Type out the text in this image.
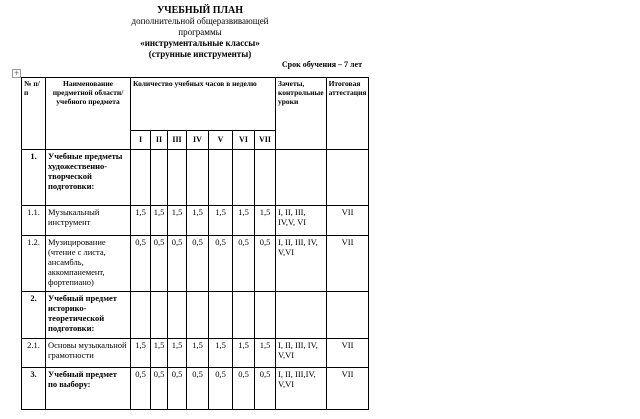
УЧЕБНЫЙ ПЛАН
дополнительной общеразвивающей
программы
«инструментальные классы»
(струнные инструменты)
Срок обучения – 7 лет
+
№ п/п	Наименование предметной области/учебного предмета	Количество учебных часов в неделю							Зачеты, контрольные уроки	Итоговая аттестация
		I	II	III	IV	V	VI	VII		
1.	Учебные предметы художественно-творческой подготовки:									
1.1.	Музыкальный инструмент	1,5	1,5	1,5	1,5	1,5	1,5	1,5	I, II, III, IV,V, VI	VII
1.2.	Музицирование (чтение с листа, ансамбль, аккомпанемент, фортепиано)	0,5	0,5	0,5	0,5	0,5	0,5	0,5	I, II, III, IV, V,VI	VII
2.	Учебный предмет историко-теоретической подготовки:									
2.1.	Основы музыкальной грамотности	1,5	1,5	1,5	1,5	1,5	1,5	1,5	I, II, III, IV, V,VI	VII
3.	Учебный предмет по выбору:	0,5	0,5	0,5	0,5	0,5	0,5	0,5	I, II, III,IV, V,VI	VII
